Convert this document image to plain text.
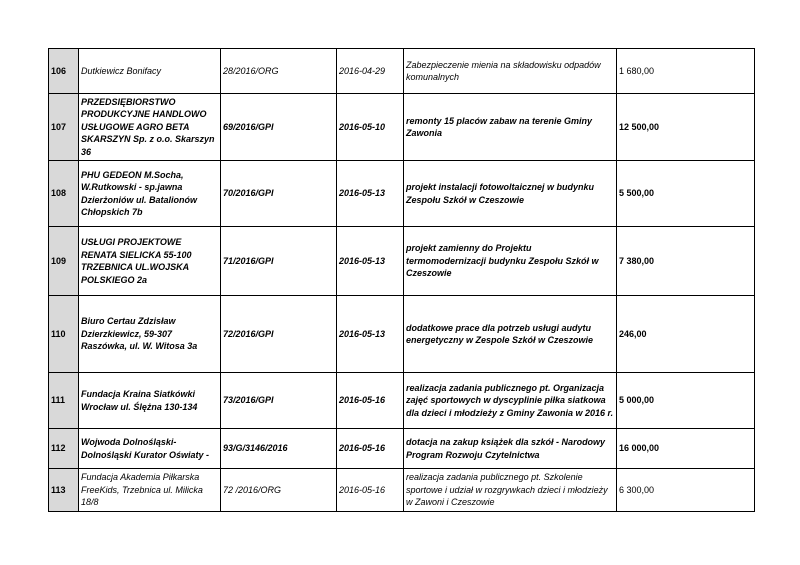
106	Dutkiewicz Bonifacy	28/2016/ORG	2016-04-29	Zabezpieczenie mienia na składowisku odpadów komunalnych	1 680,00
107	PRZEDSIĘBIORSTWO PRODUKCYJNE HANDLOWO USŁUGOWE AGRO BETA SKARSZYN Sp. z o.o. Skarszyn 36	69/2016/GPI	2016-05-10	remonty 15 placów zabaw na terenie Gminy Zawonia	12 500,00
108	PHU GEDEON M.Socha, W.Rutkowski - sp.jawna Dzierżoniów ul. Batalionów Chłopskich 7b	70/2016/GPI	2016-05-13	projekt instalacji fotowoltaicznej w budynku Zespołu Szkół w Czeszowie	5 500,00
109	USŁUGI PROJEKTOWE RENATA SIELICKA 55-100 TRZEBNICA UL.WOJSKA POLSKIEGO 2a	71/2016/GPI	2016-05-13	projekt zamienny do Projektu termomodernizacji budynku Zespołu Szkół w Czeszowie	7 380,00
110	Biuro Certau Zdzisław Dzierzkiewicz, 59-307 Raszówka, ul. W. Witosa 3a	72/2016/GPI	2016-05-13	dodatkowe prace dla potrzeb usługi audytu energetyczny w Zespole Szkół w Czeszowie	246,00
111	Fundacja Kraina Siatkówki Wrocław ul. Ślężna 130-134	73/2016/GPI	2016-05-16	realizacja zadania publicznego pt. Organizacja zajęć sportowych w dyscyplinie piłka siatkowa dla dzieci i młodzieży z Gminy Zawonia w 2016 r.	5 000,00
112	Wojwoda Dolnośląski- Dolnośląski Kurator Oświaty -	93/G/3146/2016	2016-05-16	dotacja na zakup książek dla szkół - Narodowy Program Rozwoju Czytelnictwa	16 000,00
113	Fundacja Akademia Piłkarska FreeKids, Trzebnica ul. Milicka 18/8	72 /2016/ORG	2016-05-16	realizacja zadania publicznego pt. Szkolenie sportowe i udział w rozgrywkach dzieci i młodzieży w Zawoni i Czeszowie	6 300,00
